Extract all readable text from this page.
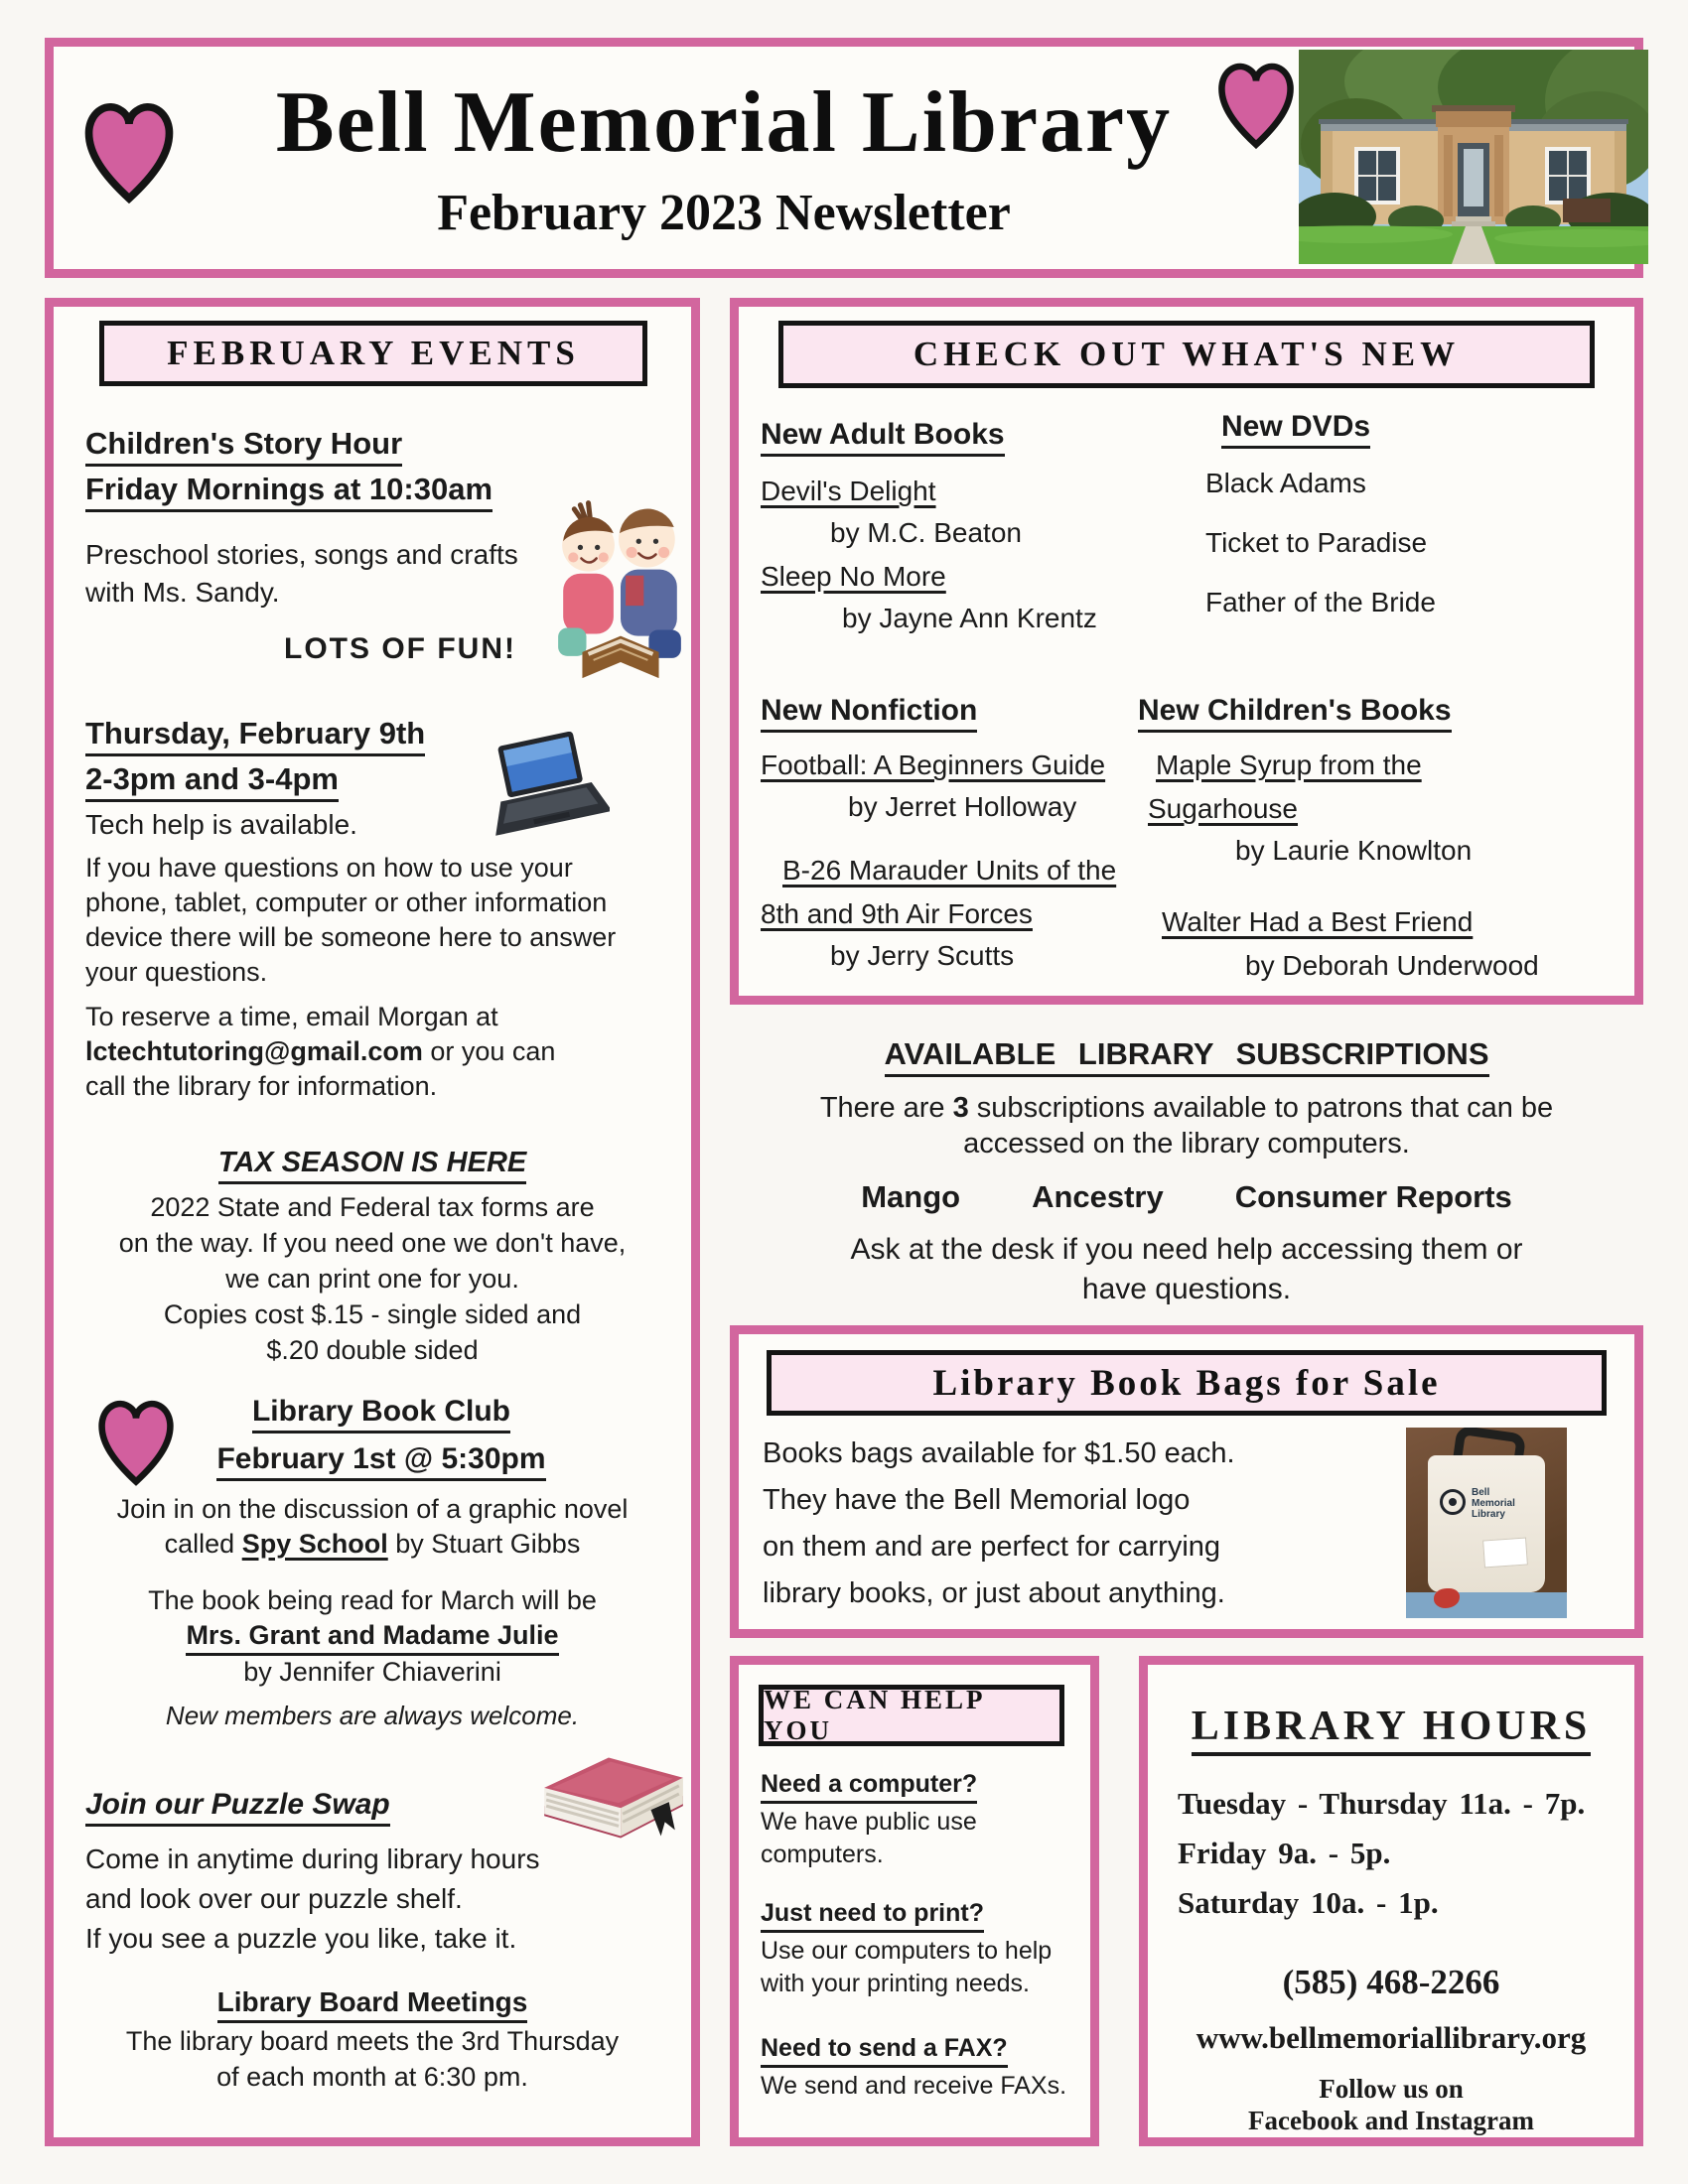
Bell Memorial Library
February 2023 Newsletter
FEBRUARY EVENTS
Children's Story Hour
Friday Mornings at 10:30am
Preschool stories, songs and crafts
with Ms. Sandy.
LOTS OF FUN!
Thursday, February 9th
2-3pm and 3-4pm
Tech help is available.
If you have questions on how to use your
phone, tablet, computer or other information
device there will be someone here to answer
your questions.
To reserve a time, email Morgan at
lctechtutoring@gmail.com or you can
call the library for information.
TAX SEASON IS HERE
2022 State and Federal tax forms are
on the way. If you need one we don't have,
we can print one for you.
Copies cost $.15 - single sided and
$.20 double sided
Library Book Club
February 1st @ 5:30pm
Join in on the discussion of a graphic novel
called Spy School by Stuart Gibbs
The book being read for March will be
Mrs. Grant and Madame Julie
by Jennifer Chiaverini
New members are always welcome.
Join our Puzzle Swap
Come in anytime during library hours
and look over our puzzle shelf.
If you see a puzzle you like, take it.
Library Board Meetings
The library board meets the 3rd Thursday
of each month at 6:30 pm.
CHECK OUT WHAT'S NEW
New Adult Books
Devil's Delight
by M.C. Beaton
Sleep No More
by Jayne Ann Krentz
New Nonfiction
Football: A Beginners Guide
by Jerret Holloway
B-26 Marauder Units of the
8th and 9th Air Forces
by Jerry Scutts
New DVDs
Black Adams
Ticket to Paradise
Father of the Bride
New Children's Books
Maple Syrup from the
Sugarhouse
by Laurie Knowlton
Walter Had a Best Friend
by Deborah Underwood
AVAILABLE LIBRARY SUBSCRIPTIONS
There are 3 subscriptions available to patrons that can be
accessed on the library computers.
Mango Ancestry Consumer Reports
Ask at the desk if you need help accessing them or
have questions.
Library Book Bags for Sale
Books bags available for $1.50 each.
They have the Bell Memorial logo
on them and are perfect for carrying
library books, or just about anything.
Bell Memorial Library
WE CAN HELP YOU
Need a computer?
We have public use
computers.
Just need to print?
Use our computers to help
with your printing needs.
Need to send a FAX?
We send and receive FAXs.
LIBRARY HOURS
Tuesday - Thursday 11a. - 7p.
Friday 9a. - 5p.
Saturday 10a. - 1p.
(585) 468-2266
www.bellmemoriallibrary.org
Follow us on
Facebook and Instagram
